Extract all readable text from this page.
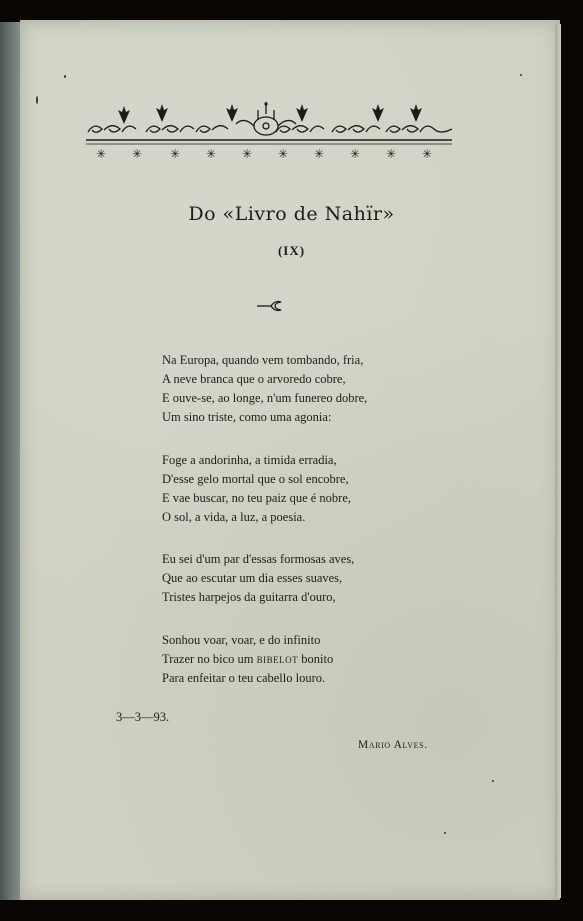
✳ ✳ ✳ ✳ ✳ ✳ ✳ ✳ ✳ ✳
Do «Livro de Nahïr»
(IX)
Na Europa, quando vem tombando, fria,
A neve branca que o arvoredo cobre,
E ouve-se, ao longe, n'um funereo dobre,
Um sino triste, como uma agonia:
Foge a andorinha, a timida erradia,
D'esse gelo mortal que o sol encobre,
E vae buscar, no teu paiz que é nobre,
O sol, a vida, a luz, a poesia.
Eu sei d'um par d'essas formosas aves,
Que ao escutar um dia esses suaves,
Tristes harpejos da guitarra d'ouro,
Sonhou voar, voar, e do infinito
Trazer no bico um bibelot bonito
Para enfeitar o teu cabello louro.
3—3—93.
Mario Alves.
